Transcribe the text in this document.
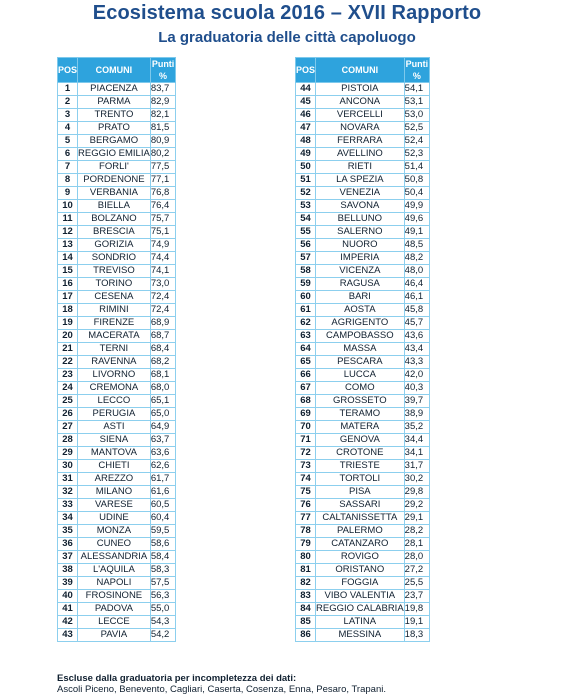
Ecosistema scuola 2016 – XVII Rapporto
La graduatoria delle città capoluogo
POS	COMUNI	Punti %
1	PIACENZA	83,7
2	PARMA	82,9
3	TRENTO	82,1
4	PRATO	81,5
5	BERGAMO	80,9
6	REGGIO EMILIA	80,2
7	FORLI'	77,5
8	PORDENONE	77,1
9	VERBANIA	76,8
10	BIELLA	76,4
11	BOLZANO	75,7
12	BRESCIA	75,1
13	GORIZIA	74,9
14	SONDRIO	74,4
15	TREVISO	74,1
16	TORINO	73,0
17	CESENA	72,4
18	RIMINI	72,4
19	FIRENZE	68,9
20	MACERATA	68,7
21	TERNI	68,4
22	RAVENNA	68,2
23	LIVORNO	68,1
24	CREMONA	68,0
25	LECCO	65,1
26	PERUGIA	65,0
27	ASTI	64,9
28	SIENA	63,7
29	MANTOVA	63,6
30	CHIETI	62,6
31	AREZZO	61,7
32	MILANO	61,6
33	VARESE	60,5
34	UDINE	60,4
35	MONZA	59,5
36	CUNEO	58,6
37	ALESSANDRIA	58,4
38	L'AQUILA	58,3
39	NAPOLI	57,5
40	FROSINONE	56,3
41	PADOVA	55,0
42	LECCE	54,3
43	PAVIA	54,2
POS	COMUNI	Punti %
44	PISTOIA	54,1
45	ANCONA	53,1
46	VERCELLI	53,0
47	NOVARA	52,5
48	FERRARA	52,4
49	AVELLINO	52,3
50	RIETI	51,4
51	LA SPEZIA	50,8
52	VENEZIA	50,4
53	SAVONA	49,9
54	BELLUNO	49,6
55	SALERNO	49,1
56	NUORO	48,5
57	IMPERIA	48,2
58	VICENZA	48,0
59	RAGUSA	46,4
60	BARI	46,1
61	AOSTA	45,8
62	AGRIGENTO	45,7
63	CAMPOBASSO	43,6
64	MASSA	43,4
65	PESCARA	43,3
66	LUCCA	42,0
67	COMO	40,3
68	GROSSETO	39,7
69	TERAMO	38,9
70	MATERA	35,2
71	GENOVA	34,4
72	CROTONE	34,1
73	TRIESTE	31,7
74	TORTOLI	30,2
75	PISA	29,8
76	SASSARI	29,2
77	CALTANISSETTA	29,1
78	PALERMO	28,2
79	CATANZARO	28,1
80	ROVIGO	28,0
81	ORISTANO	27,2
82	FOGGIA	25,5
83	VIBO VALENTIA	23,7
84	REGGIO CALABRIA	19,8
85	LATINA	19,1
86	MESSINA	18,3
Escluse dalla graduatoria per incompletezza dei dati:
Ascoli Piceno, Benevento, Cagliari, Caserta, Cosenza, Enna, Pesaro, Trapani.
